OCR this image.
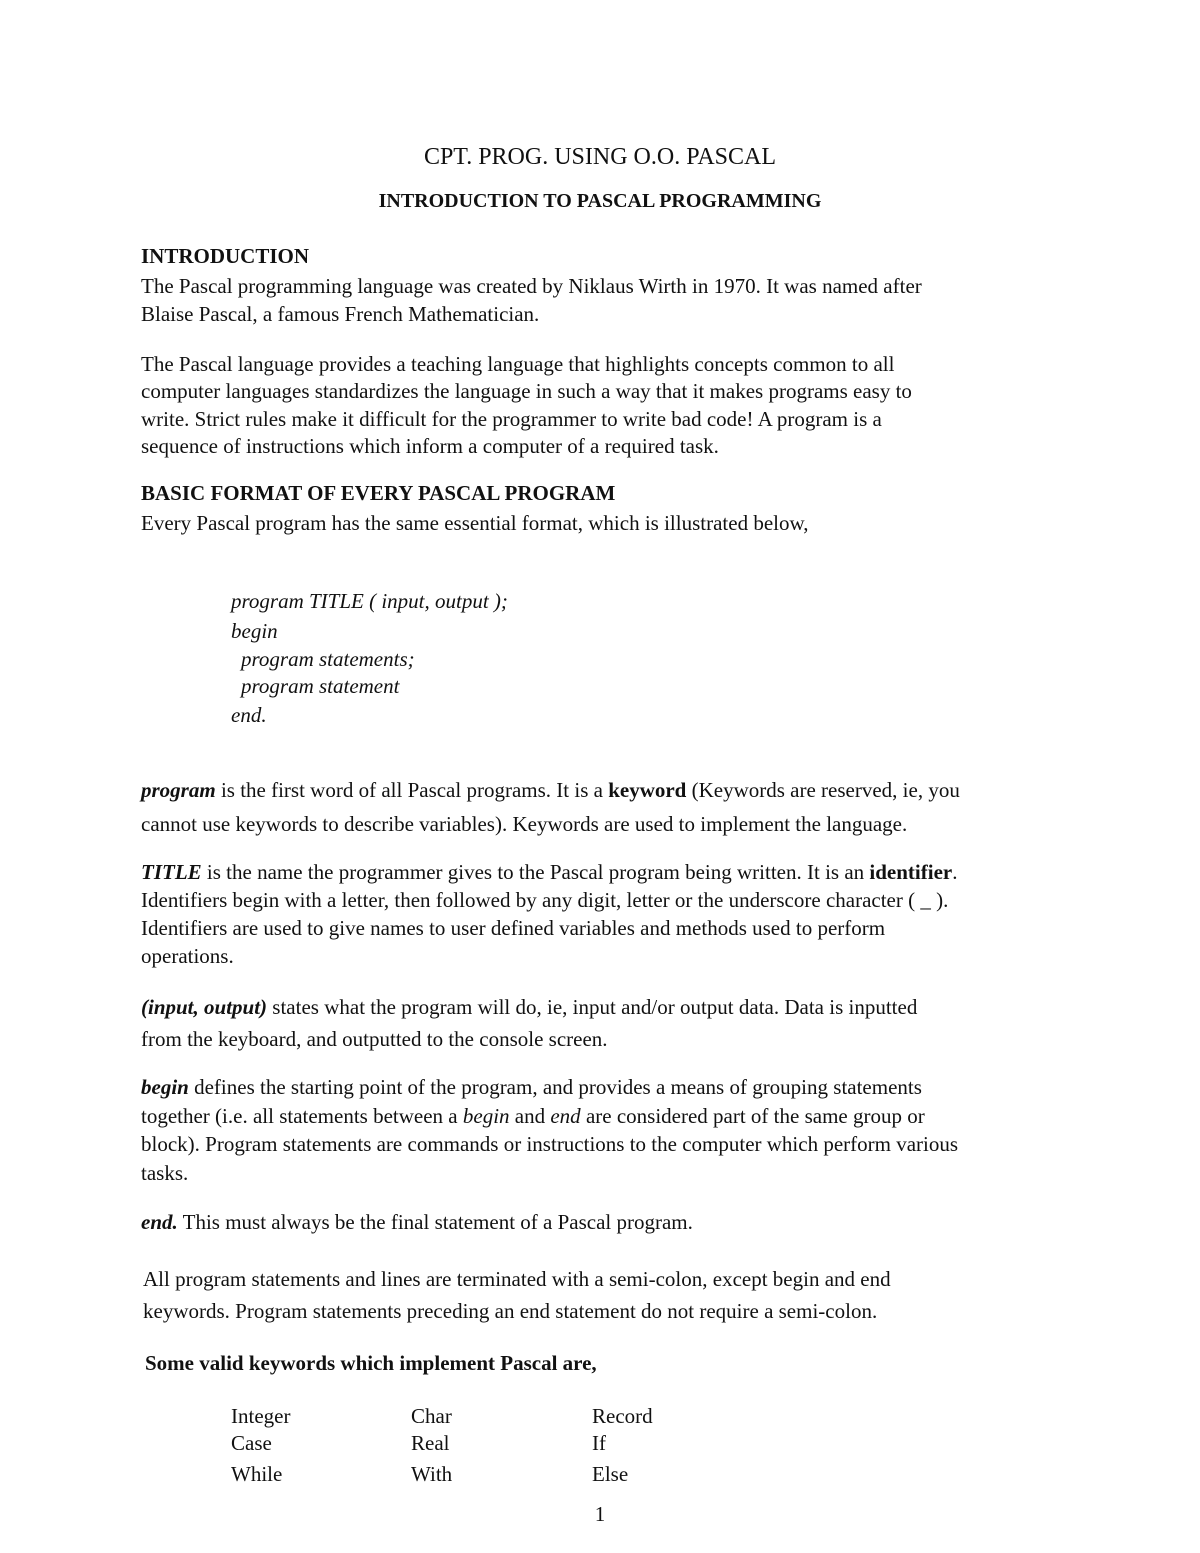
CPT. PROG. USING O.O. PASCAL
INTRODUCTION TO PASCAL PROGRAMMING
INTRODUCTION
The Pascal programming language was created by Niklaus Wirth in 1970. It was named after
Blaise Pascal, a famous French Mathematician.
The Pascal language provides a teaching language that highlights concepts common to all
computer languages standardizes the language in such a way that it makes programs easy to
write. Strict rules make it difficult for the programmer to write bad code! A program is a
sequence of instructions which inform a computer of a required task.
BASIC FORMAT OF EVERY PASCAL PROGRAM
Every Pascal program has the same essential format, which is illustrated below,
program TITLE ( input, output );
begin
program statements;
program statement
end.
program is the first word of all Pascal programs. It is a keyword (Keywords are reserved, ie, you
cannot use keywords to describe variables). Keywords are used to implement the language.
TITLE is the name the programmer gives to the Pascal program being written. It is an identifier.
Identifiers begin with a letter, then followed by any digit, letter or the underscore character ( _ ).
Identifiers are used to give names to user defined variables and methods used to perform
operations.
(input, output) states what the program will do, ie, input and/or output data. Data is inputted
from the keyboard, and outputted to the console screen.
begin defines the starting point of the program, and provides a means of grouping statements
together (i.e. all statements between a begin and end are considered part of the same group or
block). Program statements are commands or instructions to the computer which perform various
tasks.
end. This must always be the final statement of a Pascal program.
All program statements and lines are terminated with a semi-colon, except begin and end
keywords. Program statements preceding an end statement do not require a semi-colon.
Some valid keywords which implement Pascal are,
Integer	Char	Record
Case	Real	If
While	With	Else
1
